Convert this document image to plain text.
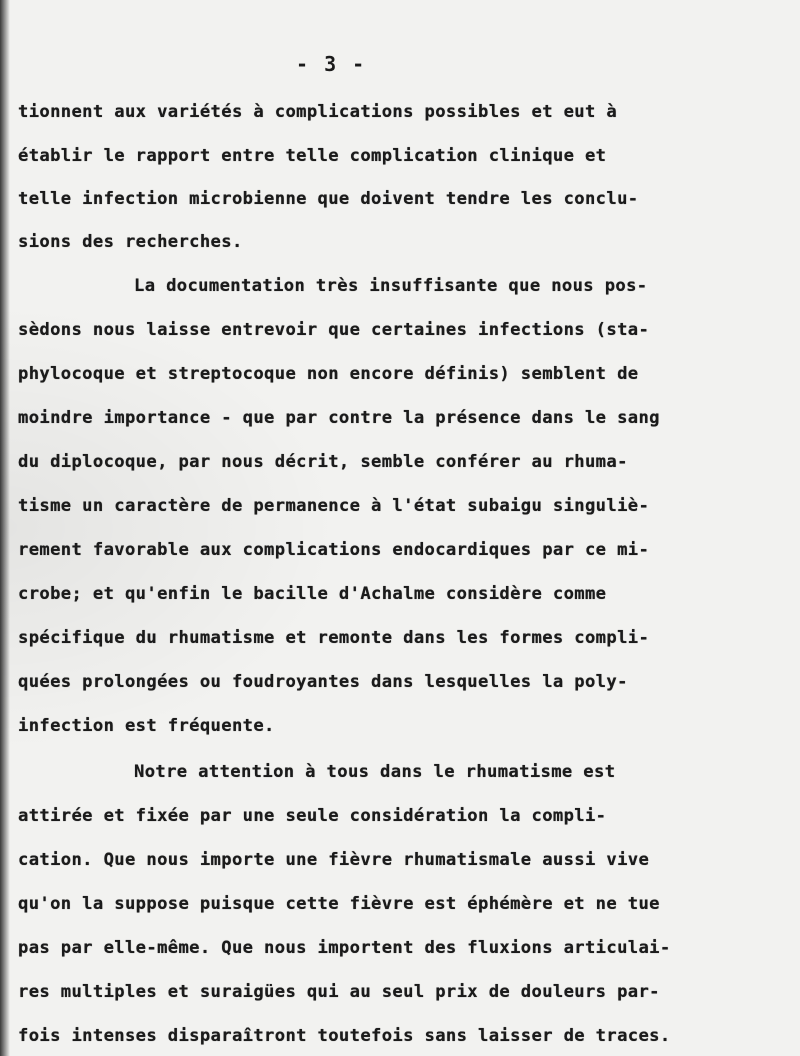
- 3 -
tionnent aux variétés à complications possibles et eut à
établir le rapport entre telle complication clinique et
telle infection microbienne que doivent tendre les conclu-
sions des recherches.
La documentation très insuffisante que nous pos-
sèdons nous laisse entrevoir que certaines infections (sta-
phylocoque et streptocoque non encore définis) semblent de
moindre importance - que par contre la présence dans le sang
du diplocoque, par nous décrit, semble conférer au rhuma-
tisme un caractère de permanence à l'état subaigu singuliè-
rement favorable aux complications endocardiques par ce mi-
crobe; et qu'enfin le bacille d'Achalme considère comme
spécifique du rhumatisme et remonte dans les formes compli-
quées prolongées ou foudroyantes dans lesquelles la poly-
infection est fréquente.
Notre attention à tous dans le rhumatisme est
attirée et fixée par une seule considération la compli-
cation. Que nous importe une fièvre rhumatismale aussi vive
qu'on la suppose puisque cette fièvre est éphémère et ne tue
pas par elle-même. Que nous importent des fluxions articulai-
res multiples et suraigües qui au seul prix de douleurs par-
fois intenses disparaîtront toutefois sans laisser de traces.
